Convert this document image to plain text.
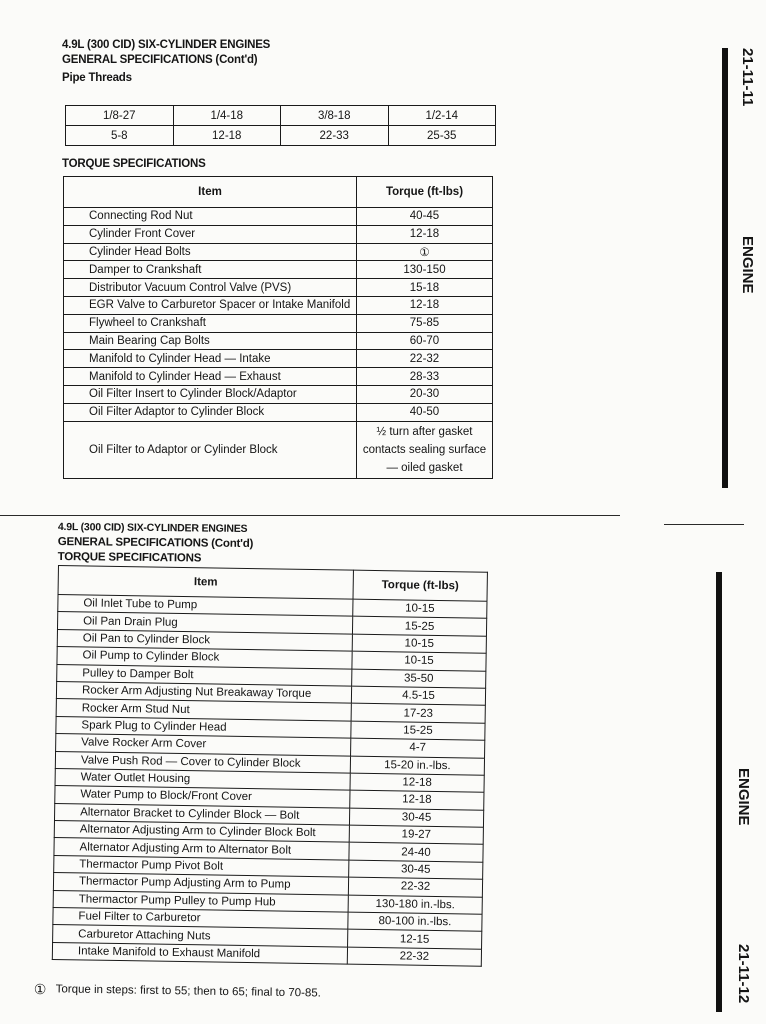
4.9L (300 CID) SIX-CYLINDER ENGINES
GENERAL SPECIFICATIONS (Cont'd)
Pipe Threads
1/8-27	1/4-18	3/8-18	1/2-14
5-8	12-18	22-33	25-35
TORQUE SPECIFICATIONS
Item	Torque (ft-lbs)
Connecting Rod Nut	40-45
Cylinder Front Cover	12-18
Cylinder Head Bolts	①
Damper to Crankshaft	130-150
Distributor Vacuum Control Valve (PVS)	15-18
EGR Valve to Carburetor Spacer or Intake Manifold	12-18
Flywheel to Crankshaft	75-85
Main Bearing Cap Bolts	60-70
Manifold to Cylinder Head — Intake	22-32
Manifold to Cylinder Head — Exhaust	28-33
Oil Filter Insert to Cylinder Block/Adaptor	20-30
Oil Filter Adaptor to Cylinder Block	40-50
Oil Filter to Adaptor or Cylinder Block	½ turn after gasket
contacts sealing surface
— oiled gasket
21-11-11
ENGINE
4.9L (300 CID) SIX-CYLINDER ENGINES
GENERAL SPECIFICATIONS (Cont'd)
TORQUE SPECIFICATIONS
Item	Torque (ft-lbs)
Oil Inlet Tube to Pump	10-15
Oil Pan Drain Plug	15-25
Oil Pan to Cylinder Block	10-15
Oil Pump to Cylinder Block	10-15
Pulley to Damper Bolt	35-50
Rocker Arm Adjusting Nut Breakaway Torque	4.5-15
Rocker Arm Stud Nut	17-23
Spark Plug to Cylinder Head	15-25
Valve Rocker Arm Cover	4-7
Valve Push Rod — Cover to Cylinder Block	15-20 in.-lbs.
Water Outlet Housing	12-18
Water Pump to Block/Front Cover	12-18
Alternator Bracket to Cylinder Block — Bolt	30-45
Alternator Adjusting Arm to Cylinder Block Bolt	19-27
Alternator Adjusting Arm to Alternator Bolt	24-40
Thermactor Pump Pivot Bolt	30-45
Thermactor Pump Adjusting Arm to Pump	22-32
Thermactor Pump Pulley to Pump Hub	130-180 in.-lbs.
Fuel Filter to Carburetor	80-100 in.-lbs.
Carburetor Attaching Nuts	12-15
Intake Manifold to Exhaust Manifold	22-32
① Torque in steps: first to 55; then to 65; final to 70-85.
ENGINE
21-11-12
